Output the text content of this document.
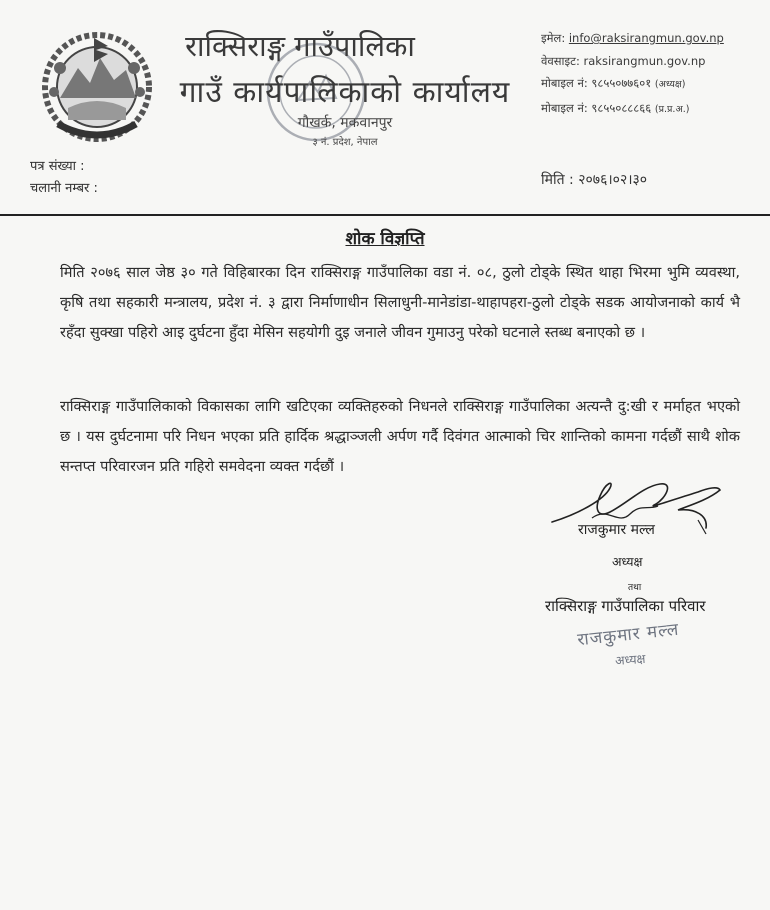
राक्सिराङ्ग गाउँपालिका
गाउँ कार्यपालिकाको कार्यालय
गौखर्क, मकवानपुर
३ नं. प्रदेश, नेपाल
इमेल: info@raksirangmun.gov.np
वेवसाइट: raksirangmun.gov.np
मोबाइल नं: ९८५५०७७६०१ (अध्यक्ष)
मोबाइल नं: ९८५५०८८८६६ (प्र.प्र.अ.)
पत्र संख्या :
चलानी नम्बर :
मिति : २०७६।०२।३०
शोक विज्ञप्ति
मिति २०७६ साल जेष्ठ ३० गते विहिबारका दिन राक्सिराङ्ग गाउँपालिका वडा नं. ०८, ठुलो टोड्के स्थित थाहा भिरमा भुमि व्यवस्था, कृषि तथा सहकारी मन्त्रालय, प्रदेश नं. ३ द्वारा निर्माणाधीन सिलाधुनी-मानेडांडा-थाहापहरा-ठुलो टोड्के सडक आयोजनाको कार्य भै रहँदा सुक्खा पहिरो आइ दुर्घटना हुँदा मेसिन सहयोगी दुइ जनाले जीवन गुमाउनु परेको घटनाले स्तब्ध बनाएको छ ।
राक्सिराङ्ग गाउँपालिकाको विकासका लागि खटिएका व्यक्तिहरुको निधनले राक्सिराङ्ग गाउँपालिका अत्यन्तै दु:खी र मर्माहत भएको छ । यस दुर्घटनामा परि निधन भएका प्रति हार्दिक श्रद्धाञ्जली अर्पण गर्दै दिवंगत आत्माको चिर शान्तिको कामना गर्दछौं साथै शोक सन्तप्त परिवारजन प्रति गहिरो समवेदना व्यक्त गर्दछौं ।
राजकुमार मल्ल
अध्यक्ष
तथा
राक्सिराङ्ग गाउँपालिका परिवार
राजकुमार मल्ल
अध्यक्ष
